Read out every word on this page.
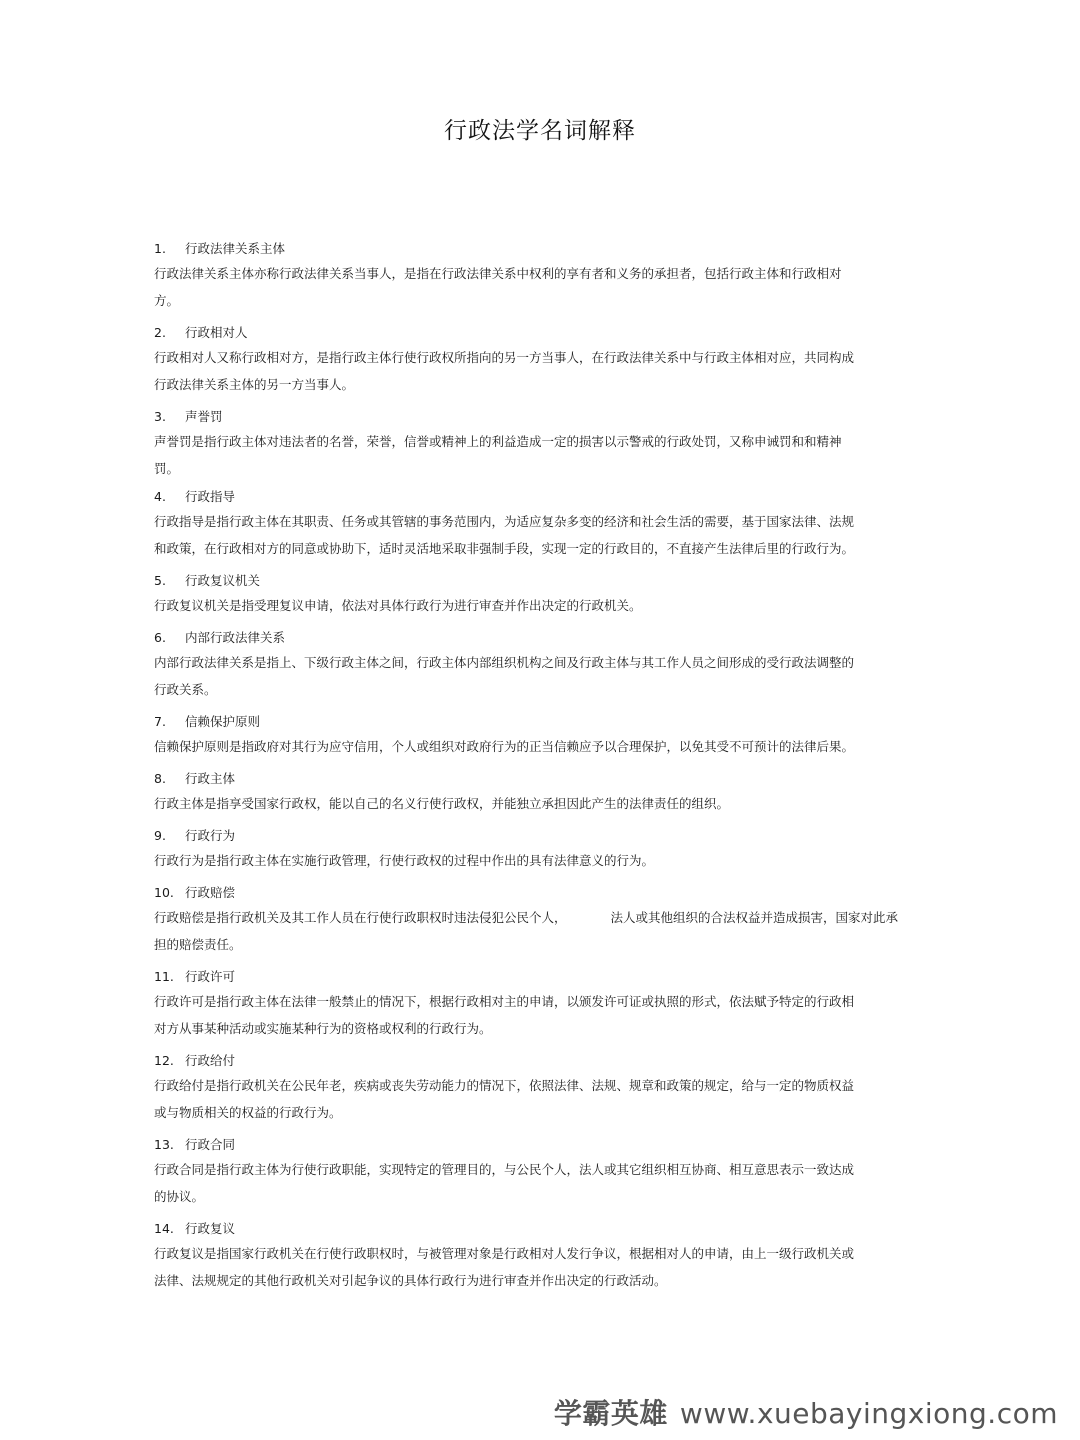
行政法学名词解释
1. 行政法律关系主体

行政法律关系主体亦称行政法律关系当事人，是指在行政法律关系中权利的享有者和义务的承担者，包括行政主体和行政相对方。

2. 行政相对人

行政相对人又称行政相对方，是指行政主体行使行政权所指向的另一方当事人，在行政法律关系中与行政主体相对应，共同构成行政法律关系主体的另一方当事人。

3. 声誉罚

声誉罚是指行政主体对违法者的名誉，荣誉，信誉或精神上的利益造成一定的损害以示警戒的行政处罚，又称申诫罚和和精神罚。

4. 行政指导

行政指导是指行政主体在其职责、任务或其管辖的事务范围内，为适应复杂多变的经济和社会生活的需要，基于国家法律、法规和政策，在行政相对方的同意或协助下，适时灵活地采取非强制手段，实现一定的行政目的，不直接产生法律后里的行政行为。

5. 行政复议机关

行政复议机关是指受理复议申请，依法对具体行政行为进行审查并作出决定的行政机关。

6. 内部行政法律关系

内部行政法律关系是指上、下级行政主体之间，行政主体内部组织机构之间及行政主体与其工作人员之间形成的受行政法调整的行政关系。

7. 信赖保护原则

信赖保护原则是指政府对其行为应守信用，个人或组织对政府行为的正当信赖应予以合理保护，以免其受不可预计的法律后果。

8. 行政主体

行政主体是指享受国家行政权，能以自己的名义行使行政权，并能独立承担因此产生的法律责任的组织。

9. 行政行为

行政行为是指行政主体在实施行政管理，行使行政权的过程中作出的具有法律意义的行为。

10. 行政赔偿

行政赔偿是指行政机关及其工作人员在行使行政职权时违法侵犯公民个人，	法人或其他组织的合法权益并造成损害，国家对此承担的赔偿责任。

11. 行政许可

行政许可是指行政主体在法律一般禁止的情况下，根据行政相对主的申请，以颁发许可证或执照的形式，依法赋予特定的行政相对方从事某种活动或实施某种行为的资格或权利的行政行为。

12. 行政给付

行政给付是指行政机关在公民年老，疾病或丧失劳动能力的情况下，依照法律、法规、规章和政策的规定，给与一定的物质权益或与物质相关的权益的行政行为。

13. 行政合同

行政合同是指行政主体为行使行政职能，实现特定的管理目的，与公民个人，法人或其它组织相互协商、相互意思表示一致达成的协议。

14. 行政复议

行政复议是指国家行政机关在行使行政职权时，与被管理对象是行政相对人发行争议，根据相对人的申请，由上一级行政机关或法律、法规规定的其他行政机关对引起争议的具体行政行为进行审查并作出决定的行政活动。

学霸英雄 www.xuebayingxiong.com
